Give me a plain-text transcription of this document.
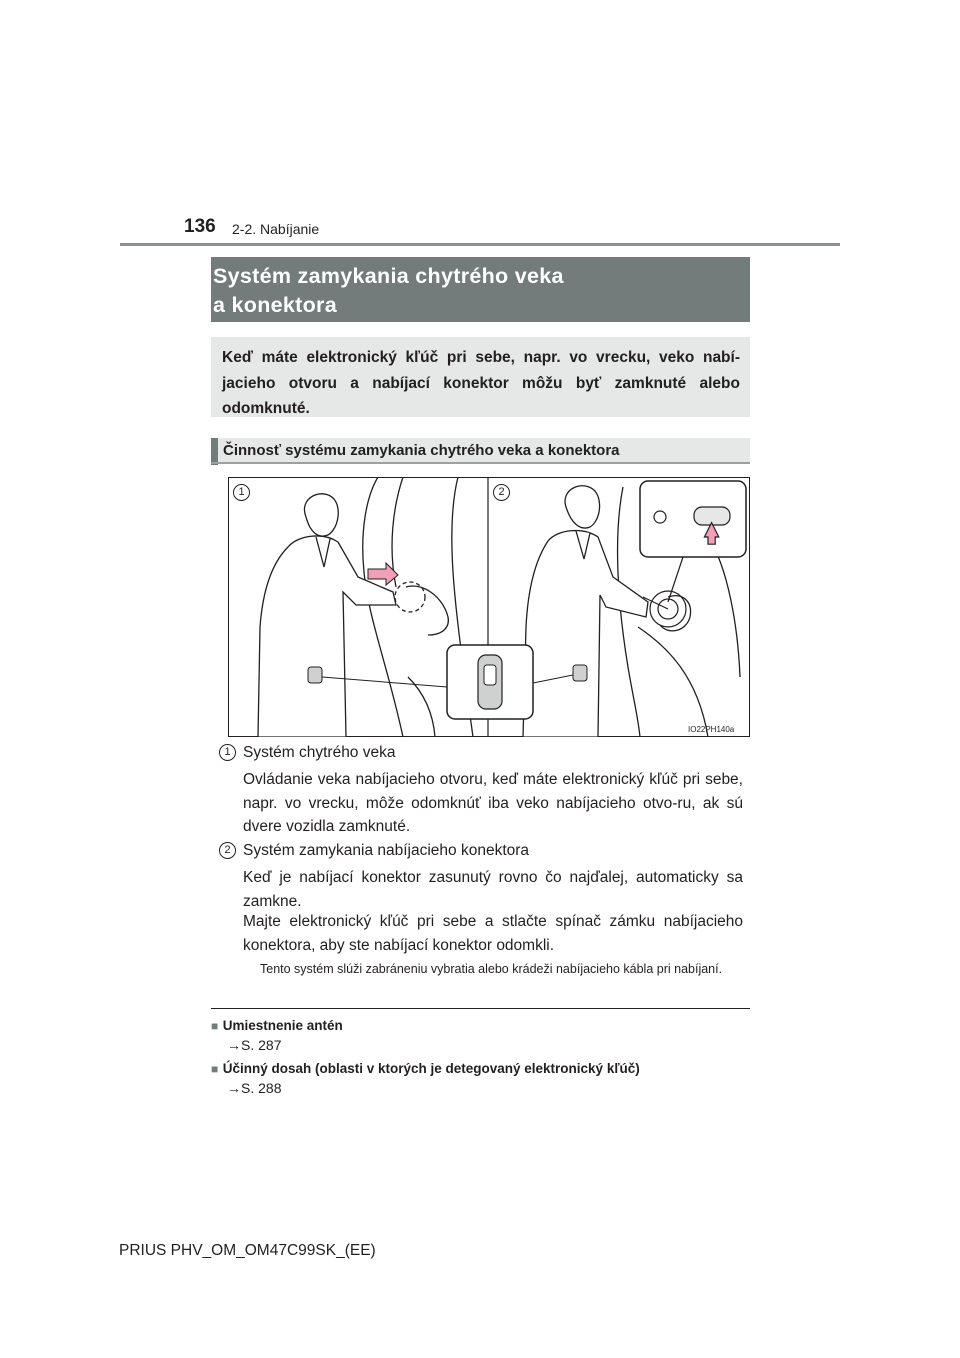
136 2-2. Nabíjanie
Systém zamykania chytrého veka
a konektora
Keď máte elektronický kľúč pri sebe, napr. vo vrecku, veko nabí-jacieho otvoru a nabíjací konektor môžu byť zamknuté alebo odomknuté.
Činnosť systému zamykania chytrého veka a konektora
1	2
IO22PH140a
1 Systém chytrého veka
Ovládanie veka nabíjacieho otvoru, keď máte elektronický kľúč pri sebe, napr. vo vrecku, môže odomknúť iba veko nabíjacieho otvo-ru, ak sú dvere vozidla zamknuté.
2 Systém zamykania nabíjacieho konektora
Keď je nabíjací konektor zasunutý rovno čo najďalej, automaticky sa zamkne.
Majte elektronický kľúč pri sebe a stlačte spínač zámku nabíjacieho konektora, aby ste nabíjací konektor odomkli.
Tento systém slúži zabráneniu vybratia alebo krádeži nabíjacieho kábla pri nabíjaní.
■ Umiestnenie antén
→S. 287
■ Účinný dosah (oblasti v ktorých je detegovaný elektronický kľúč)
→S. 288
PRIUS PHV_OM_OM47C99SK_(EE)
